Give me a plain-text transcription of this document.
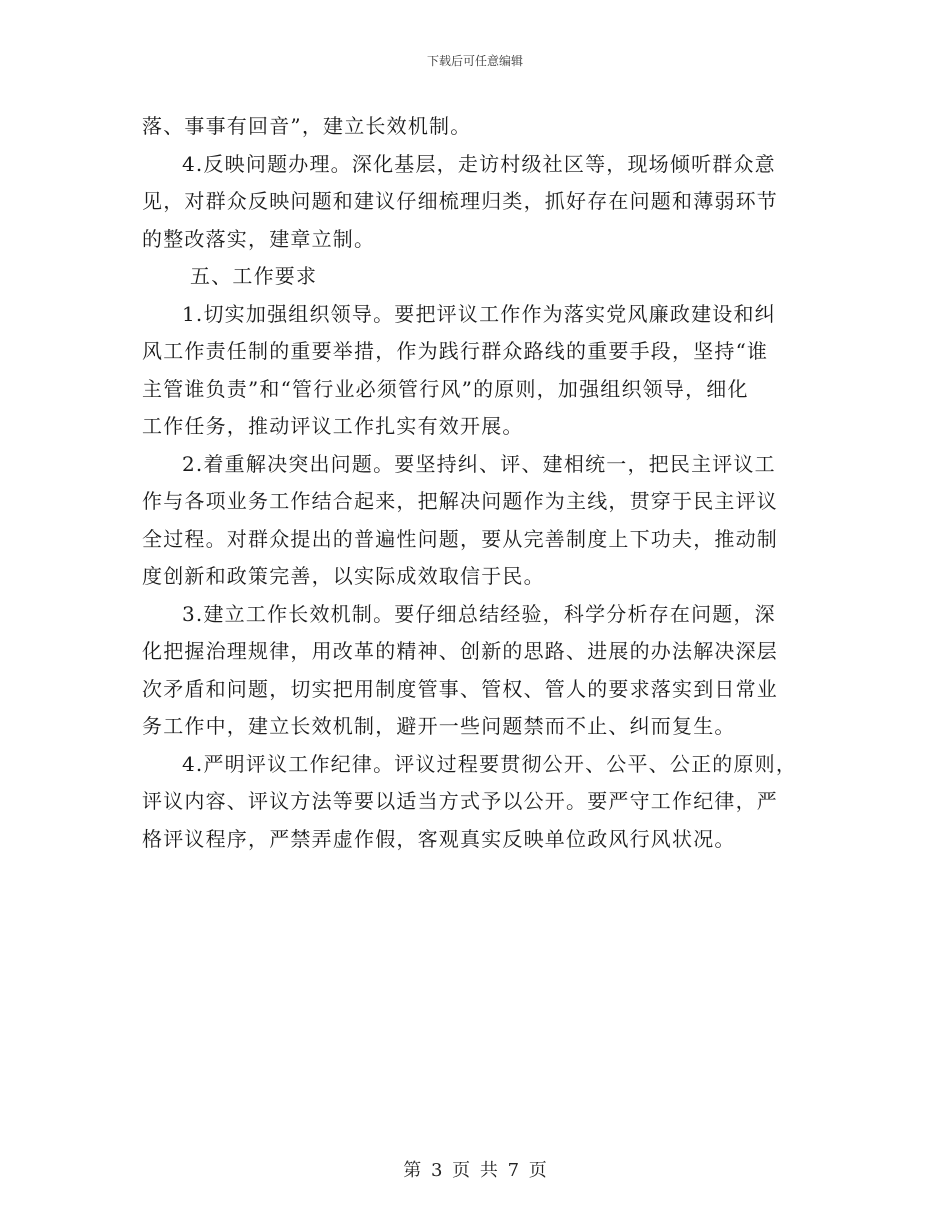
下载后可任意编辑
落、事事有回音”，建立长效机制。
4.反映问题办理。深化基层，走访村级社区等，现场倾听群众意
见，对群众反映问题和建议仔细梳理归类，抓好存在问题和薄弱环节
的整改落实，建章立制。
五、工作要求
1.切实加强组织领导。要把评议工作作为落实党风廉政建设和纠
风工作责任制的重要举措，作为践行群众路线的重要手段，坚持“谁
主管谁负责”和“管行业必须管行风”的原则，加强组织领导，细化
工作任务，推动评议工作扎实有效开展。
2.着重解决突出问题。要坚持纠、评、建相统一，把民主评议工
作与各项业务工作结合起来，把解决问题作为主线，贯穿于民主评议
全过程。对群众提出的普遍性问题，要从完善制度上下功夫，推动制
度创新和政策完善，以实际成效取信于民。
3.建立工作长效机制。要仔细总结经验，科学分析存在问题，深
化把握治理规律，用改革的精神、创新的思路、进展的办法解决深层
次矛盾和问题，切实把用制度管事、管权、管人的要求落实到日常业
务工作中，建立长效机制，避开一些问题禁而不止、纠而复生。
4.严明评议工作纪律。评议过程要贯彻公开、公平、公正的原则，
评议内容、评议方法等要以适当方式予以公开。要严守工作纪律，严
格评议程序，严禁弄虚作假，客观真实反映单位政风行风状况。
第 3 页 共 7 页
